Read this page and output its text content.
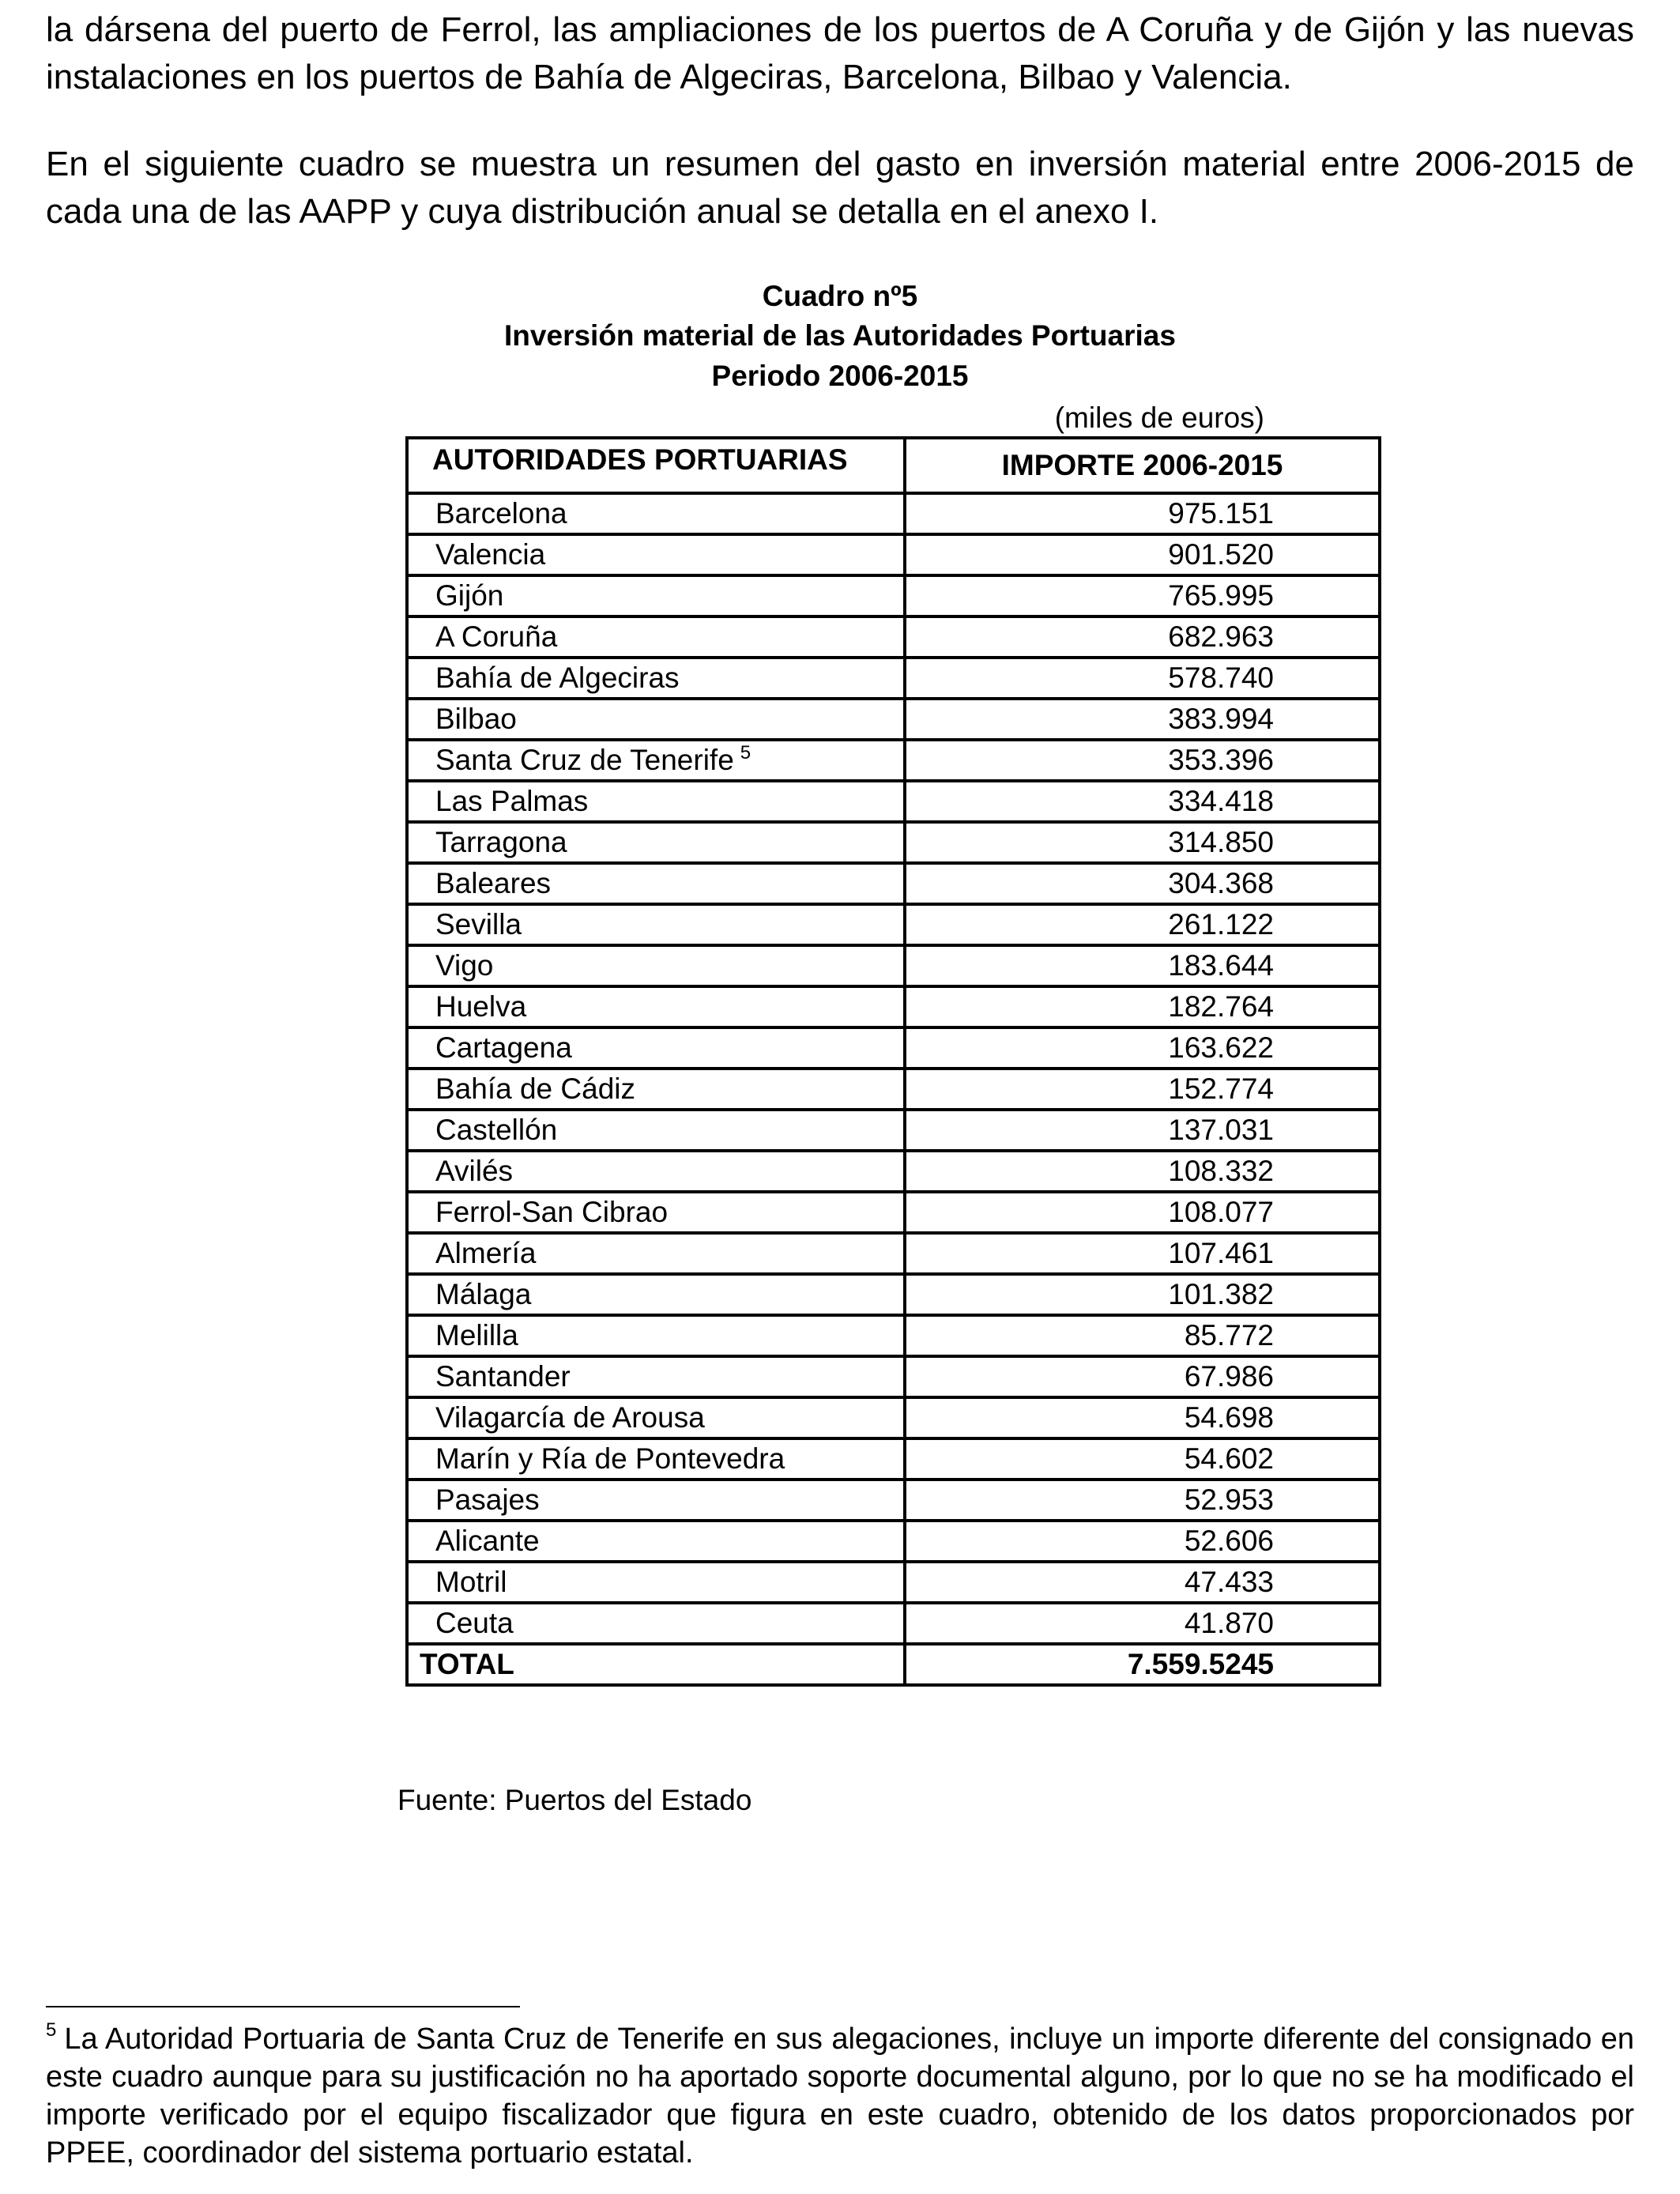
la dársena del puerto de Ferrol, las ampliaciones de los puertos de A Coruña y de Gijón y las nuevas instalaciones en los puertos de Bahía de Algeciras, Barcelona, Bilbao y Valencia.

En el siguiente cuadro se muestra un resumen del gasto en inversión material entre 2006-2015 de cada una de las AAPP y cuya distribución anual se detalla en el anexo I.

Cuadro nº5
Inversión material de las Autoridades Portuarias
Periodo 2006-2015
(miles de euros)
AUTORIDADES PORTUARIAS	IMPORTE 2006-2015
Barcelona	975.151
Valencia	901.520
Gijón	765.995
A Coruña	682.963
Bahía de Algeciras	578.740
Bilbao	383.994
Santa Cruz de Tenerife $^5$	353.396
Las Palmas	334.418
Tarragona	314.850
Baleares	304.368
Sevilla	261.122
Vigo	183.644
Huelva	182.764
Cartagena	163.622
Bahía de Cádiz	152.774
Castellón	137.031
Avilés	108.332
Ferrol-San Cibrao	108.077
Almería	107.461
Málaga	101.382
Melilla	85.772
Santander	67.986
Vilagarcía de Arousa	54.698
Marín y Ría de Pontevedra	54.602
Pasajes	52.953
Alicante	52.606
Motril	47.433
Ceuta	41.870
TOTAL	7.559.5245
Fuente: Puertos del Estado

$^5$ La Autoridad Portuaria de Santa Cruz de Tenerife en sus alegaciones, incluye un importe diferente del consignado en este cuadro aunque para su justificación no ha aportado soporte documental alguno, por lo que no se ha modificado el importe verificado por el equipo fiscalizador que figura en este cuadro, obtenido de los datos proporcionados por PPEE, coordinador del sistema portuario estatal.
